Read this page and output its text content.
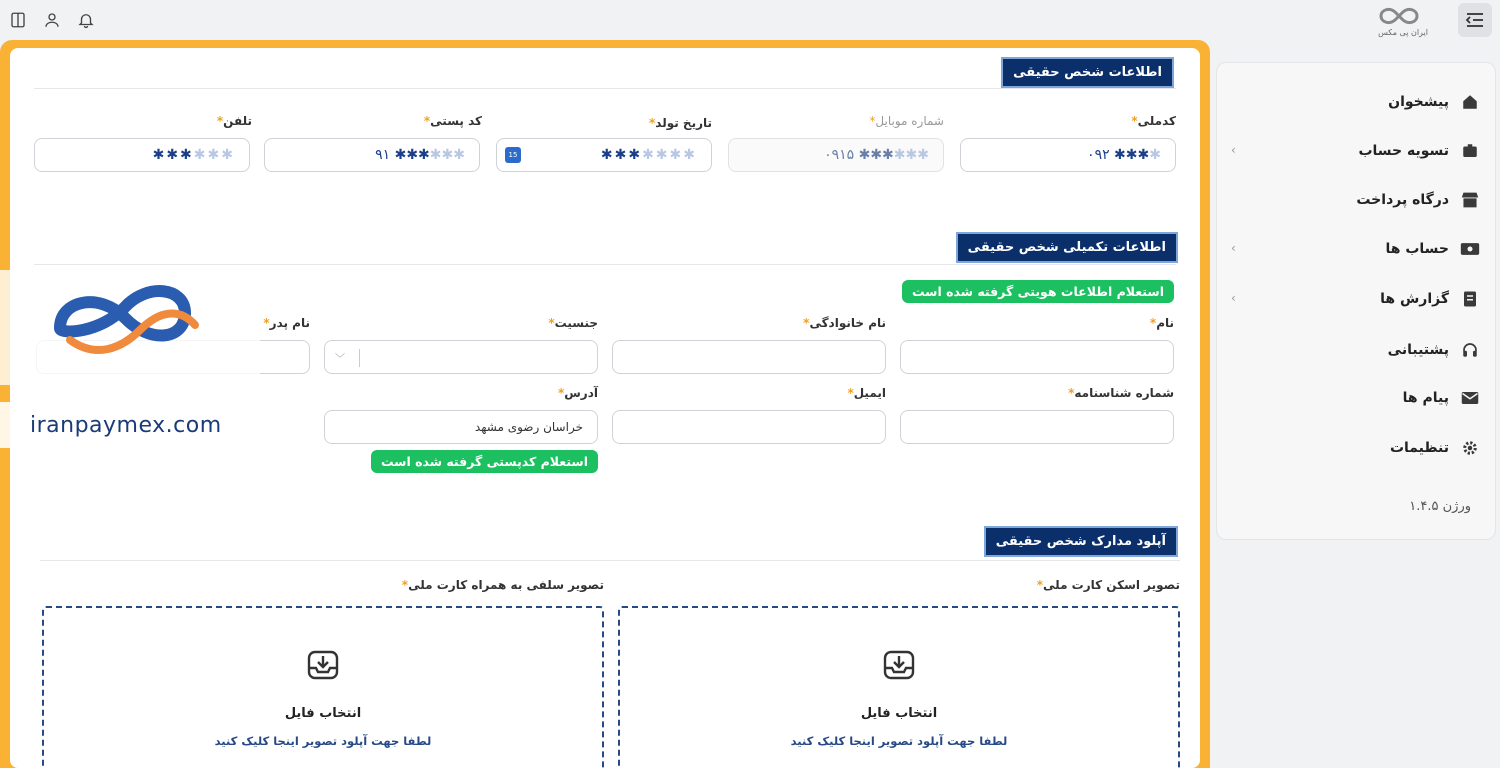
ایران پی مکس
پیشخوان
تسویه حساب
‹
درگاه پرداخت
حساب ها
‹
گزارش ها
‹
پشتیبانی
پیام ها
تنظیمات
ورژن ۱.۴.۵
اطلاعات شخص حقیقی
کدملی*
۰۹۲ ✱✱✱✱
شماره موبایل*
۰۹۱۵ ✱✱✱✱✱✱
تاریخ تولد*
✱✱✱✱✱✱✱
15
کد پستی*
۹۱ ✱✱✱✱✱✱
تلفن*
✱✱✱✱✱✱
اطلاعات تکمیلی شخص حقیقی
استعلام اطلاعات هویتی گرفته شده است
نام*
نام خانوادگی*
جنسیت*
﹀
نام پدر*
شماره شناسنامه*
ایمیل*
آدرس*
خراسان رضوی مشهد
استعلام کدپستی گرفته شده است
آپلود مدارک شخص حقیقی
تصویر اسکن کارت ملی*
انتخاب فایل
لطفا جهت آپلود تصویر اینجا کلیک کنید
تصویر سلفی به همراه کارت ملی*
انتخاب فایل
لطفا جهت آپلود تصویر اینجا کلیک کنید
iranpaymex.com
